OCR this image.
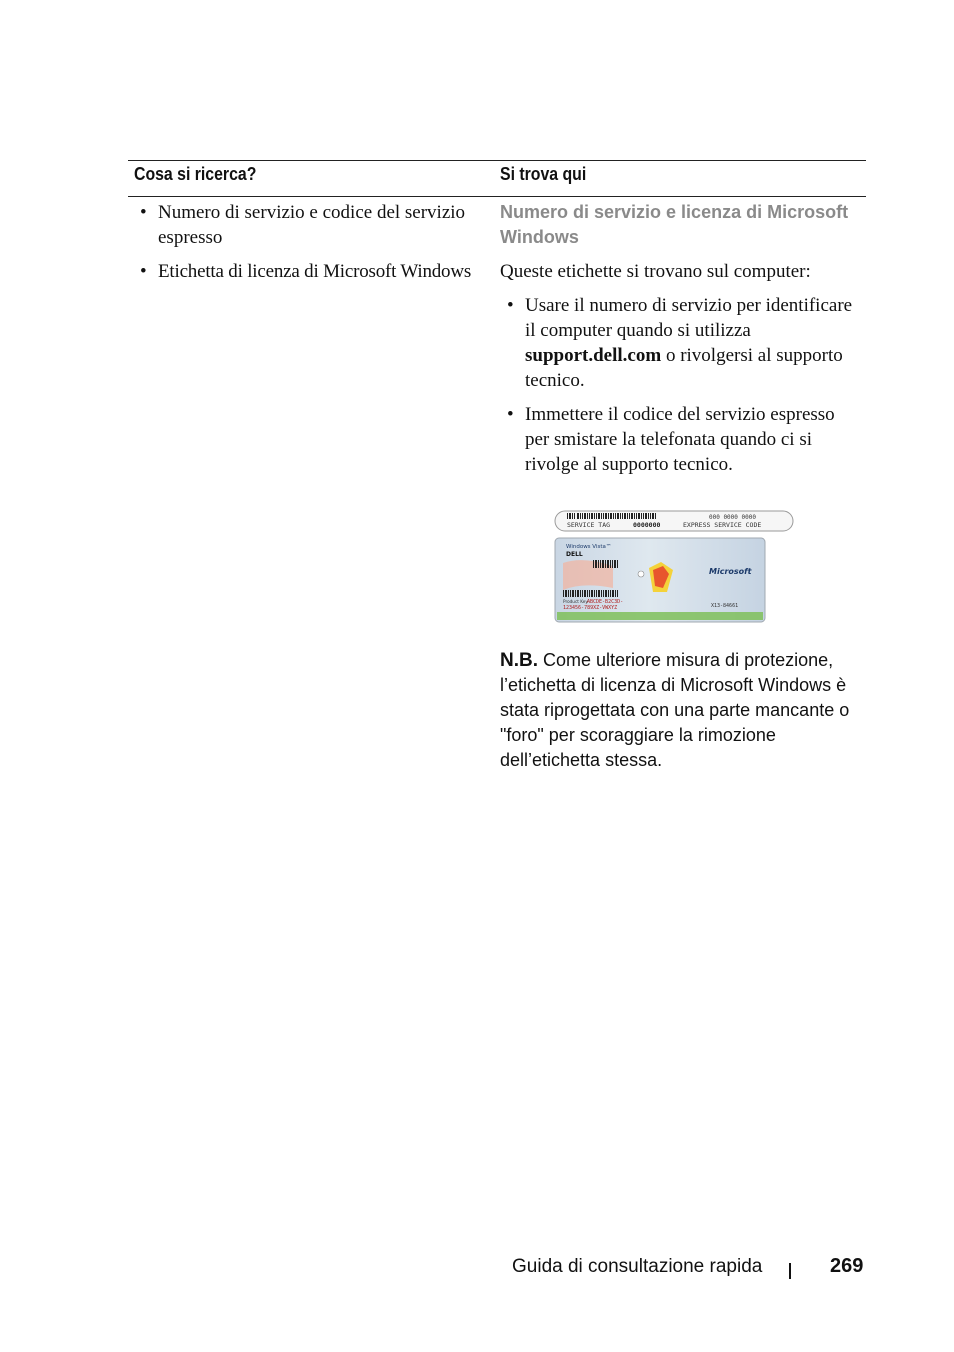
Cosa si ricerca?	Si trova qui
• Numero di servizio e codice del servizio espresso
• Etichetta di licenza di Microsoft Windows
Numero di servizio e licenza di Microsoft Windows
Queste etichette si trovano sul computer:
• Usare il numero di servizio per identificare il computer quando si utilizza support.dell.com o rivolgersi al supporto tecnico.
• Immettere il codice del servizio espresso per smistare la telefonata quando ci si rivolge al supporto tecnico.
SERVICE TAG	0000000
000 0000 0000
EXPRESS SERVICE CODE
Windows Vista™
DELL
Product Key ABCDE-B2C3D-
123456-789XZ-VWXYZ
Microsoft
X13-84661
N.B. Come ulteriore misura di protezione, l’etichetta di licenza di Microsoft Windows è stata riprogettata con una parte mancante o "foro" per scoraggiare la rimozione dell’etichetta stessa.
Guida di consultazione rapida	269
